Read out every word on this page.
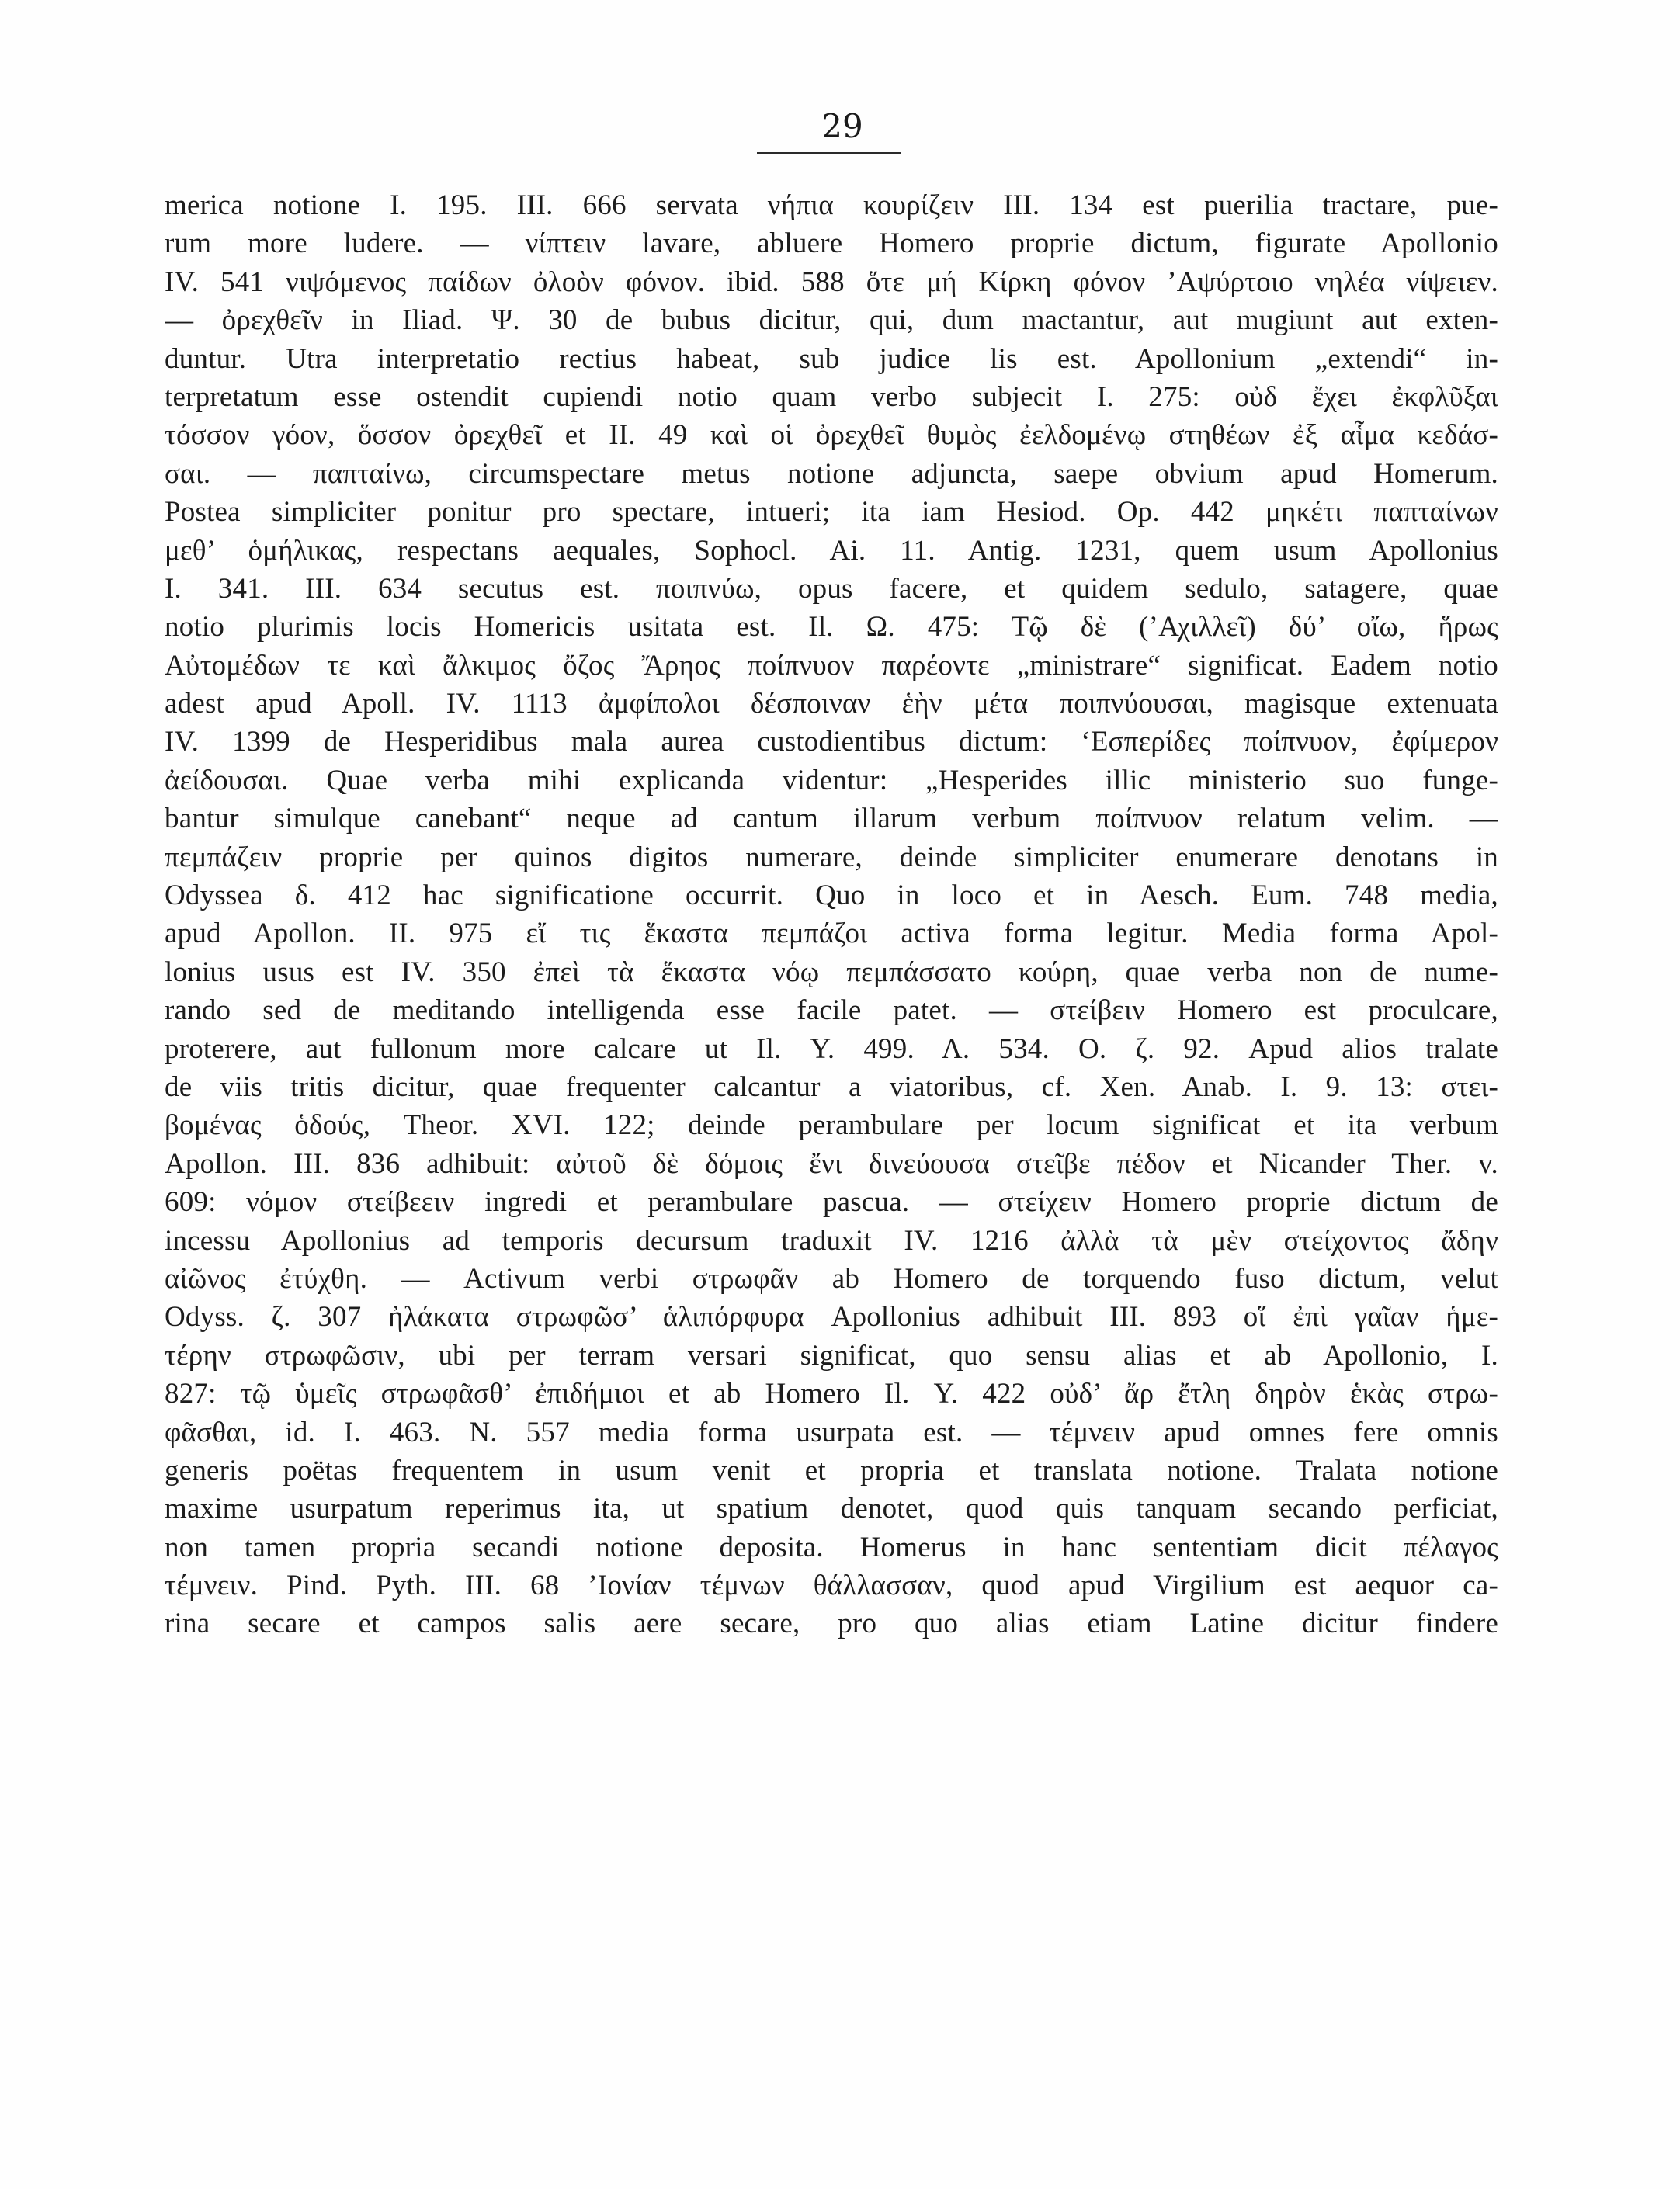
29
merica notione I. 195. III. 666 servata νήπια κουρίζειν III. 134 est puerilia tractare, pue-
rum more ludere. — νίπτειν lavare, abluere Homero proprie dictum, figurate Apollonio
IV. 541 νιψόμενος παίδων ὀλοὸν φόνον. ibid. 588 ὅτε μή Κίρκη φόνον ’Αψύρτοιο νηλέα νίψειεν.
— ὀρεχθεῖν in Iliad. Ψ. 30 de bubus dicitur, qui, dum mactantur, aut mugiunt aut exten-
duntur. Utra interpretatio rectius habeat, sub judice lis est. Apollonium „extendi“ in-
terpretatum esse ostendit cupiendi notio quam verbo subjecit I. 275: οὐδ ἔχει ἐκφλῦξαι
τόσσον γόον, ὅσσον ὀρεχθεῖ et II. 49 καὶ οἱ ὀρεχθεῖ θυμὸς ἐελδομένῳ στηθέων ἐξ αἷμα κεδάσ-
σαι. — παπταίνω, circumspectare metus notione adjuncta, saepe obvium apud Homerum.
Postea simpliciter ponitur pro spectare, intueri; ita iam Hesiod. Op. 442 μηκέτι παπταίνων
μεθ’ ὁμήλικας, respectans aequales, Sophocl. Ai. 11. Antig. 1231, quem usum Apollonius
I. 341. III. 634 secutus est. ποιπνύω, opus facere, et quidem sedulo, satagere, quae
notio plurimis locis Homericis usitata est. Il. Ω. 475: Τῷ δὲ (’Αχιλλεῖ) δύ’ οἴω, ἥρως
Αὐτομέδων τε καὶ ἄλκιμος ὄζος Ἄρηος ποίπνυον παρέοντε „ministrare“ significat. Eadem notio
adest apud Apoll. IV. 1113 ἀμφίπολοι δέσποιναν ἑὴν μέτα ποιπνύουσαι, magisque extenuata
IV. 1399 de Hesperidibus mala aurea custodientibus dictum: ‘Εσπερίδες ποίπνυον, ἐφίμερον
ἀείδουσαι. Quae verba mihi explicanda videntur: „Hesperides illic ministerio suo funge-
bantur simulque canebant“ neque ad cantum illarum verbum ποίπνυον relatum velim. —
πεμπάζειν proprie per quinos digitos numerare, deinde simpliciter enumerare denotans in
Odyssea δ. 412 hac significatione occurrit. Quo in loco et in Aesch. Eum. 748 media,
apud Apollon. II. 975 εἴ τις ἕκαστα πεμπάζοι activa forma legitur. Media forma Apol-
lonius usus est IV. 350 ἐπεὶ τὰ ἕκαστα νόῳ πεμπάσσατο κούρη, quae verba non de nume-
rando sed de meditando intelligenda esse facile patet. — στείβειν Homero est proculcare,
proterere, aut fullonum more calcare ut Il. Υ. 499. Λ. 534. Ο. ζ. 92. Apud alios tralate
de viis tritis dicitur, quae frequenter calcantur a viatoribus, cf. Xen. Anab. I. 9. 13: στει-
βομένας ὁδούς, Theor. XVI. 122; deinde perambulare per locum significat et ita verbum
Apollon. III. 836 adhibuit: αὐτοῦ δὲ δόμοις ἔνι δινεύουσα στεῖβε πέδον et Nicander Ther. v.
609: νόμον στείβεειν ingredi et perambulare pascua. — στείχειν Homero proprie dictum de
incessu Apollonius ad temporis decursum traduxit IV. 1216 ἀλλὰ τὰ μὲν στείχοντος ἄδην
αἰῶνος ἐτύχθη. — Activum verbi στρωφᾶν ab Homero de torquendo fuso dictum, velut
Odyss. ζ. 307 ἠλάκατα στρωφῶσ’ ἁλιπόρφυρα Apollonius adhibuit III. 893 οἵ ἐπὶ γαῖαν ἡμε-
τέρην στρωφῶσιν, ubi per terram versari significat, quo sensu alias et ab Apollonio, I.
827: τῷ ὑμεῖς στρωφᾶσθ’ ἐπιδήμιοι et ab Homero Il. Υ. 422 οὐδ’ ἄρ ἔτλη δηρὸν ἑκὰς στρω-
φᾶσθαι, id. I. 463. N. 557 media forma usurpata est. — τέμνειν apud omnes fere omnis
generis poëtas frequentem in usum venit et propria et translata notione. Tralata notione
maxime usurpatum reperimus ita, ut spatium denotet, quod quis tanquam secando perficiat,
non tamen propria secandi notione deposita. Homerus in hanc sententiam dicit πέλαγος
τέμνειν. Pind. Pyth. III. 68 ’Ιονίαν τέμνων θάλλασσαν, quod apud Virgilium est aequor ca-
rina secare et campos salis aere secare, pro quo alias etiam Latine dicitur findere
